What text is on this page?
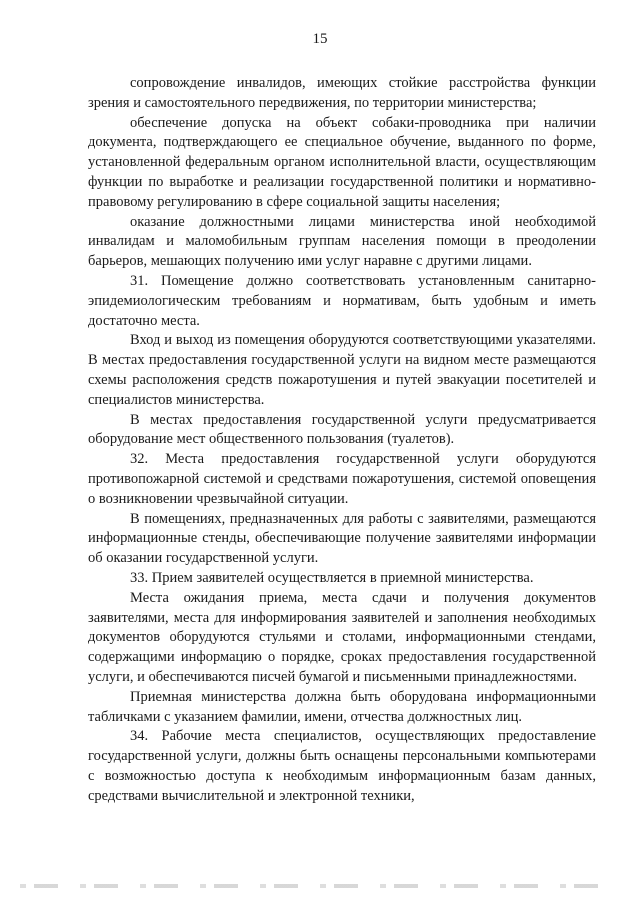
15

сопровождение инвалидов, имеющих стойкие расстройства функции зрения и самостоятельного передвижения, по территории министерства;

обеспечение допуска на объект собаки-проводника при наличии документа, подтверждающего ее специальное обучение, выданного по форме, установленной федеральным органом исполнительной власти, осуществляющим функции по выработке и реализации государственной политики и нормативно-правовому регулированию в сфере социальной защиты населения;

оказание должностными лицами министерства иной необходимой инвалидам и маломобильным группам населения помощи в преодолении барьеров, мешающих получению ими услуг наравне с другими лицами.

31. Помещение должно соответствовать установленным санитарно-эпидемиологическим требованиям и нормативам, быть удобным и иметь достаточно места.

Вход и выход из помещения оборудуются соответствующими указателями. В местах предоставления государственной услуги на видном месте размещаются схемы расположения средств пожаротушения и путей эвакуации посетителей и специалистов министерства.

В местах предоставления государственной услуги предусматривается оборудование мест общественного пользования (туалетов).

32. Места предоставления государственной услуги оборудуются противопожарной системой и средствами пожаротушения, системой оповещения о возникновении чрезвычайной ситуации.

В помещениях, предназначенных для работы с заявителями, размещаются информационные стенды, обеспечивающие получение заявителями информации об оказании государственной услуги.

33. Прием заявителей осуществляется в приемной министерства.

Места ожидания приема, места сдачи и получения документов заявителями, места для информирования заявителей и заполнения необходимых документов оборудуются стульями и столами, информационными стендами, содержащими информацию о порядке, сроках предоставления государственной услуги, и обеспечиваются писчей бумагой и письменными принадлежностями.

Приемная министерства должна быть оборудована информационными табличками с указанием фамилии, имени, отчества должностных лиц.

34. Рабочие места специалистов, осуществляющих предоставление государственной услуги, должны быть оснащены персональными компьютерами с возможностью доступа к необходимым информационным базам данных, средствами вычислительной и электронной техники,
